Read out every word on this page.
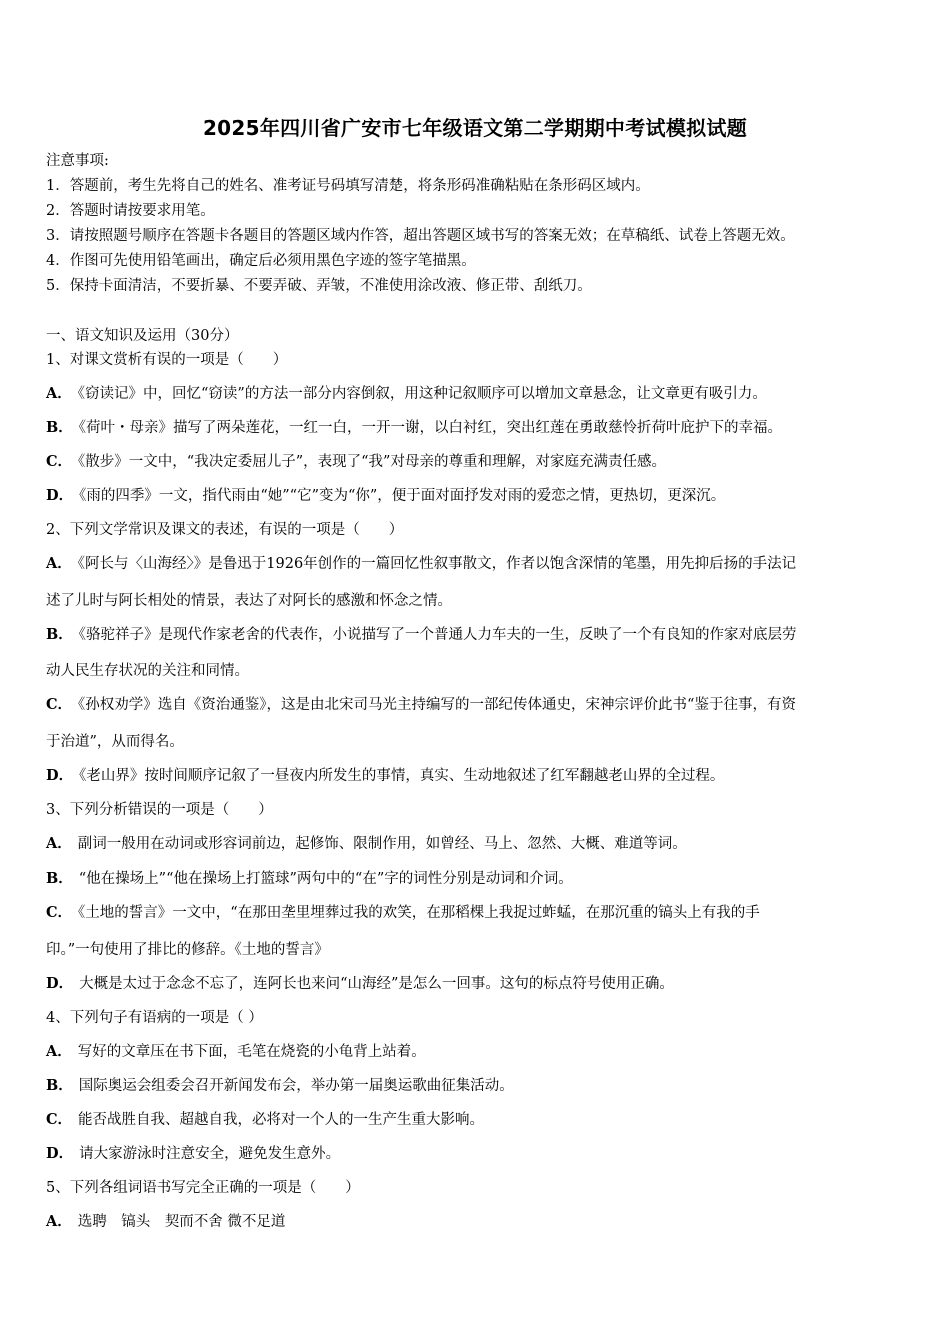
2025年四川省广安市七年级语文第二学期期中考试模拟试题
注意事项:
1．答题前，考生先将自己的姓名、准考证号码填写清楚，将条形码准确粘贴在条形码区域内。
2．答题时请按要求用笔。
3．请按照题号顺序在答题卡各题目的答题区域内作答，超出答题区域书写的答案无效；在草稿纸、试卷上答题无效。
4．作图可先使用铅笔画出，确定后必须用黑色字迹的签字笔描黑。
5．保持卡面清洁，不要折暴、不要弄破、弄皱，不准使用涂改液、修正带、刮纸刀。
一、语文知识及运用（30分）
1、对课文赏析有误的一项是（　　）
A． 《窃读记》中，回忆“窃读”的方法一部分内容倒叙，用这种记叙顺序可以增加文章悬念，让文章更有吸引力。
B． 《荷叶・母亲》描写了两朵莲花，一红一白，一开一谢，以白衬红，突出红莲在勇敢慈怜折荷叶庇护下的幸福。
C． 《散步》一文中，“我决定委屈儿子”，表现了“我”对母亲的尊重和理解，对家庭充满责任感。
D． 《雨的四季》一文，指代雨由“她”“它”变为“你”，便于面对面抒发对雨的爱恋之情，更热切，更深沉。
2、下列文学常识及课文的表述，有误的一项是（　　）
A． 《阿长与〈山海经〉》是鲁迅于1926年创作的一篇回忆性叙事散文，作者以饱含深情的笔墨，用先抑后扬的手法记
述了儿时与阿长相处的情景，表达了对阿长的感激和怀念之情。
B． 《骆驼祥子》是现代作家老舍的代表作，小说描写了一个普通人力车夫的一生，反映了一个有良知的作家对底层劳
动人民生存状况的关注和同情。
C． 《孙权劝学》选自《资治通鉴》，这是由北宋司马光主持编写的一部纪传体通史，宋神宗评价此书“鉴于往事，有资
于治道”，从而得名。
D． 《老山界》按时间顺序记叙了一昼夜内所发生的事情，真实、生动地叙述了红军翻越老山界的全过程。
3、下列分析错误的一项是（　　）
A． 副词一般用在动词或形容词前边，起修饰、限制作用，如曾经、马上、忽然、大概、难道等词。
B． “他在操场上”“他在操场上打篮球”两句中的“在”字的词性分别是动词和介词。
C． 《土地的誓言》一文中，“在那田垄里埋葬过我的欢笑，在那稻棵上我捉过蚱蜢，在那沉重的镐头上有我的手
印。”一句使用了排比的修辞。《土地的誓言》
D． 大概是太过于念念不忘了，连阿长也来问“山海经”是怎么一回事。这句的标点符号使用正确。
4、下列句子有语病的一项是（ ）
A． 写好的文章压在书下面，毛笔在烧瓷的小龟背上站着。
B． 国际奥运会组委会召开新闻发布会，举办第一届奥运歌曲征集活动。
C． 能否战胜自我、超越自我，必将对一个人的一生产生重大影响。
D． 请大家游泳时注意安全，避免发生意外。
5、下列各组词语书写完全正确的一项是（　　）
A． 选聘　镐头　契而不舍 微不足道
